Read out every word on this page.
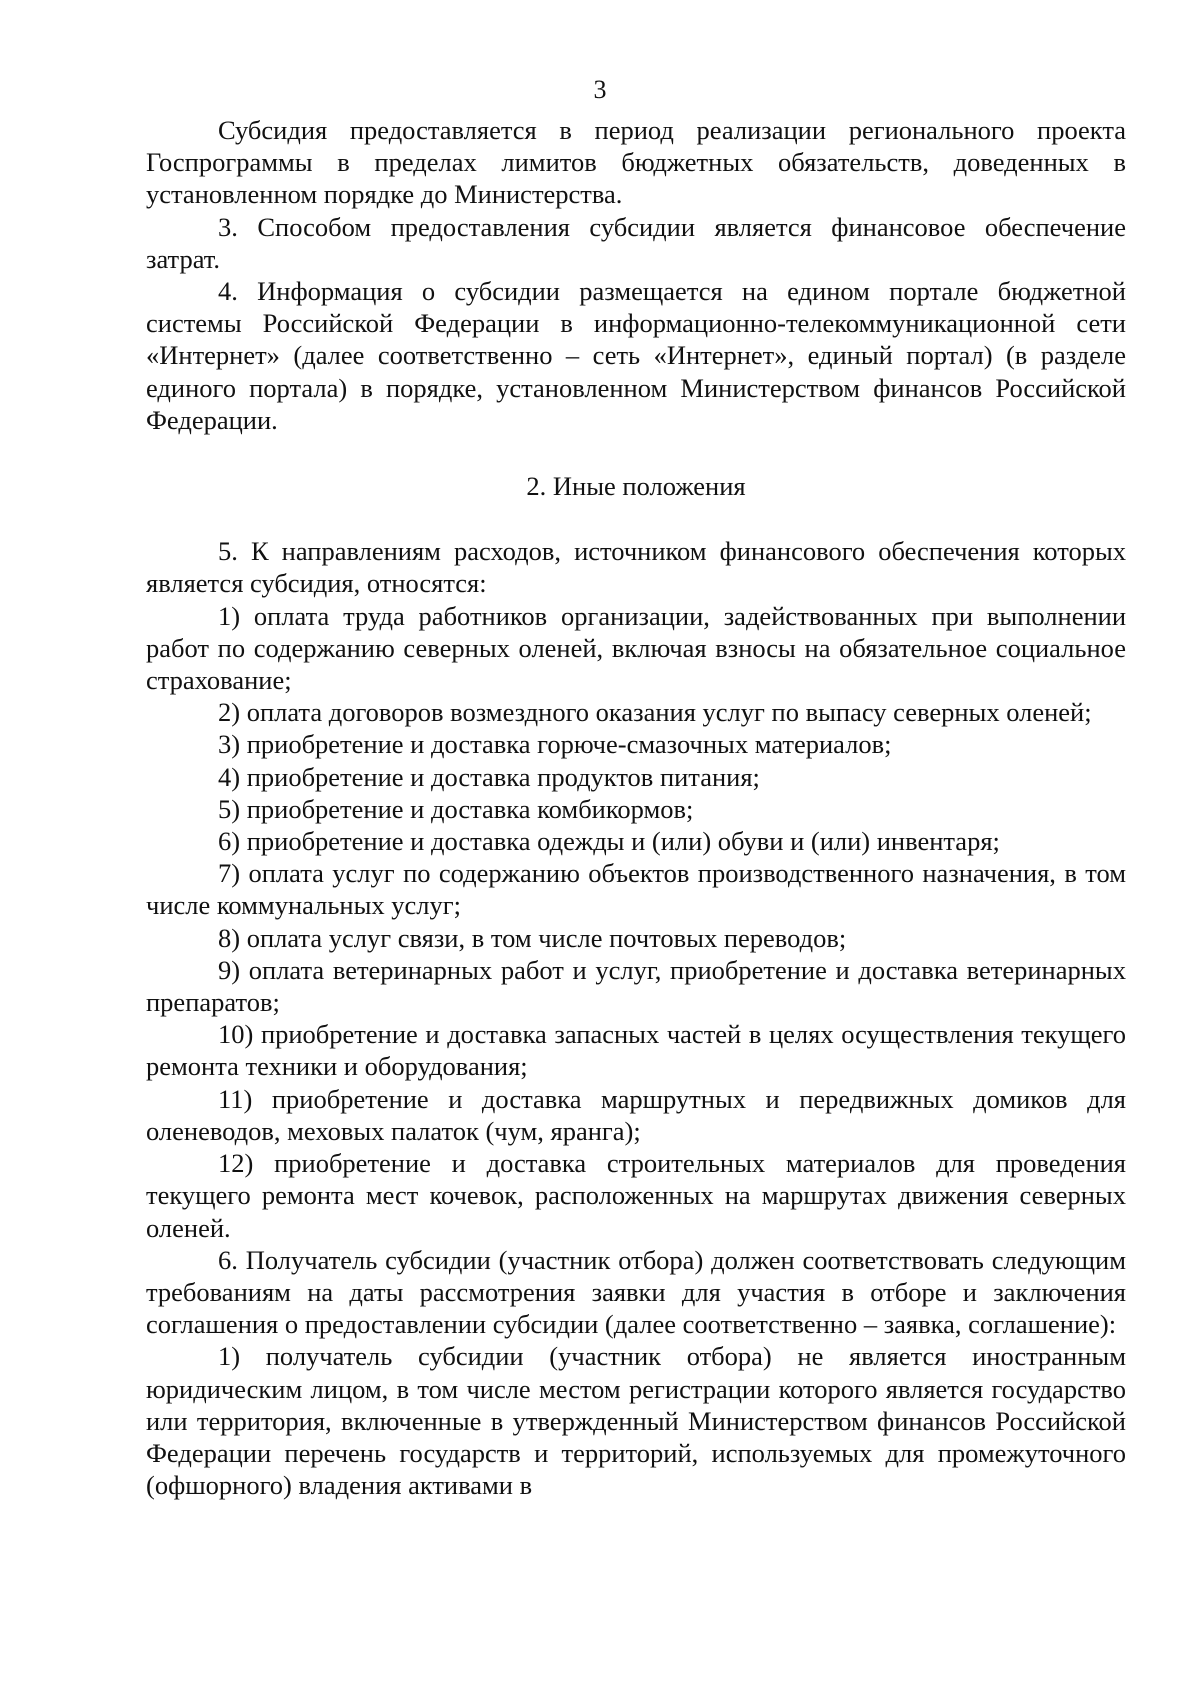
3

Субсидия предоставляется в период реализации регионального проекта Госпрограммы в пределах лимитов бюджетных обязательств, доведенных в установленном порядке до Министерства.

3. Способом предоставления субсидии является финансовое обеспечение затрат.

4. Информация о субсидии размещается на едином портале бюджетной системы Российской Федерации в информационно-телекоммуникационной сети «Интернет» (далее соответственно – сеть «Интернет», единый портал) (в разделе единого портала) в порядке, установленном Министерством финансов Российской Федерации.

2. Иные положения

5. К направлениям расходов, источником финансового обеспечения которых является субсидия, относятся:

1) оплата труда работников организации, задействованных при выполнении работ по содержанию северных оленей, включая взносы на обязательное социальное страхование;

2) оплата договоров возмездного оказания услуг по выпасу северных оленей;

3) приобретение и доставка горюче-смазочных материалов;

4) приобретение и доставка продуктов питания;

5) приобретение и доставка комбикормов;

6) приобретение и доставка одежды и (или) обуви и (или) инвентаря;

7) оплата услуг по содержанию объектов производственного назначения, в том числе коммунальных услуг;

8) оплата услуг связи, в том числе почтовых переводов;

9) оплата ветеринарных работ и услуг, приобретение и доставка ветеринарных препаратов;

10) приобретение и доставка запасных частей в целях осуществления текущего ремонта техники и оборудования;

11) приобретение и доставка маршрутных и передвижных домиков для оленеводов, меховых палаток (чум, яранга);

12) приобретение и доставка строительных материалов для проведения текущего ремонта мест кочевок, расположенных на маршрутах движения северных оленей.

6. Получатель субсидии (участник отбора) должен соответствовать следующим требованиям на даты рассмотрения заявки для участия в отборе и заключения соглашения о предоставлении субсидии (далее соответственно – заявка, соглашение):

1) получатель субсидии (участник отбора) не является иностранным юридическим лицом, в том числе местом регистрации которого является государство или территория, включенные в утвержденный Министерством финансов Российской Федерации перечень государств и территорий, используемых для промежуточного (офшорного) владения активами в
